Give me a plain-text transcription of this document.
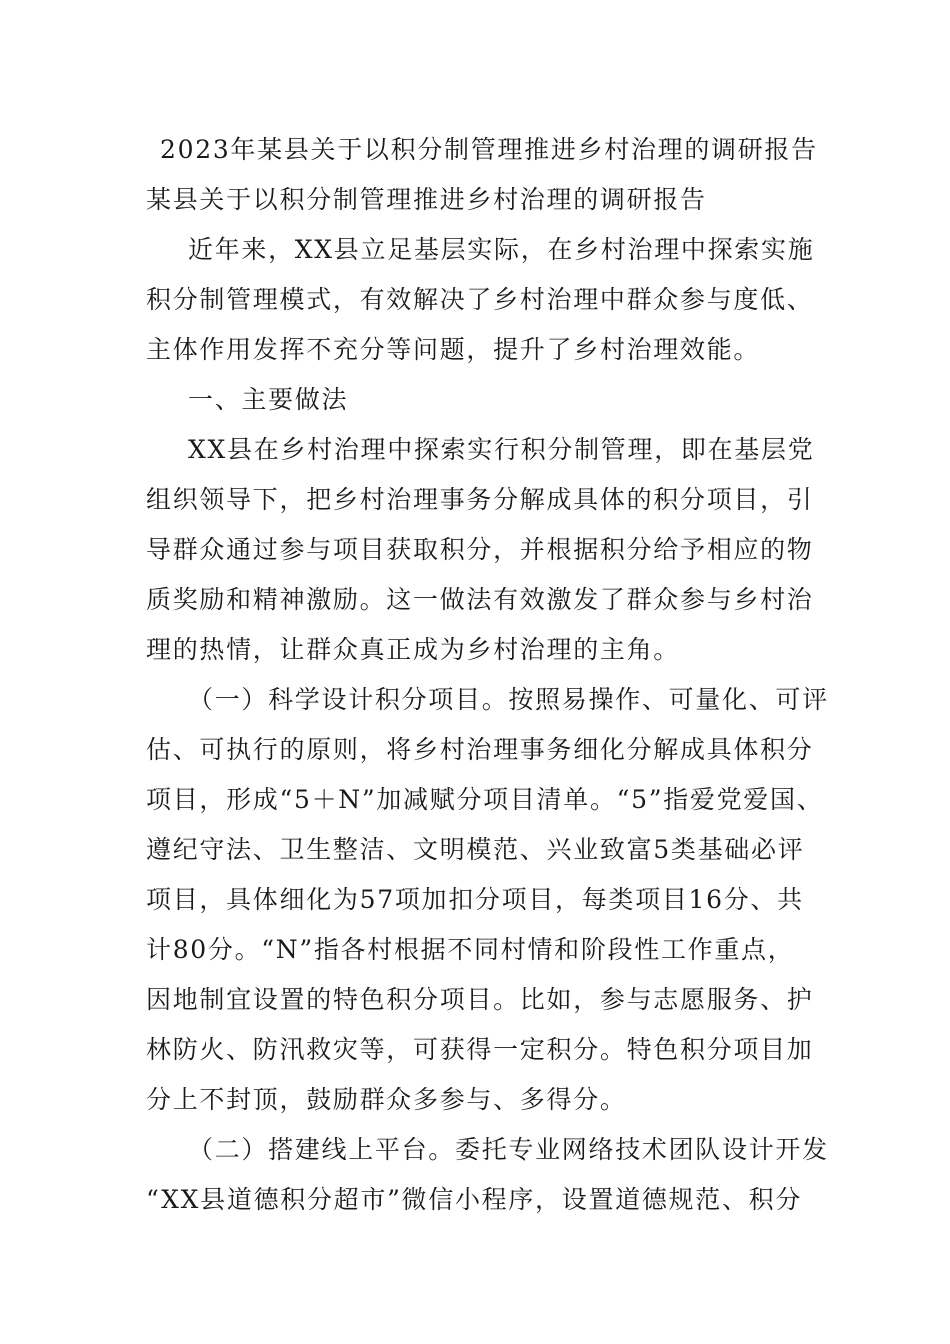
2023年某县关于以积分制管理推进乡村治理的调研报告

某县关于以积分制管理推进乡村治理的调研报告

近年来，XX县立足基层实际，在乡村治理中探索实施

积分制管理模式，有效解决了乡村治理中群众参与度低、

主体作用发挥不充分等问题，提升了乡村治理效能。

一、主要做法

XX县在乡村治理中探索实行积分制管理，即在基层党

组织领导下，把乡村治理事务分解成具体的积分项目，引

导群众通过参与项目获取积分，并根据积分给予相应的物

质奖励和精神激励。这一做法有效激发了群众参与乡村治

理的热情，让群众真正成为乡村治理的主角。

（一）科学设计积分项目。按照易操作、可量化、可评

估、可执行的原则，将乡村治理事务细化分解成具体积分

项目，形成“5＋N”加减赋分项目清单。“5”指爱党爱国、

遵纪守法、卫生整洁、文明模范、兴业致富5类基础必评

项目，具体细化为57项加扣分项目，每类项目16分、共

计80分。“N”指各村根据不同村情和阶段性工作重点，

因地制宜设置的特色积分项目。比如，参与志愿服务、护

林防火、防汛救灾等，可获得一定积分。特色积分项目加

分上不封顶，鼓励群众多参与、多得分。

（二）搭建线上平台。委托专业网络技术团队设计开发

“XX县道德积分超市”微信小程序，设置道德规范、积分
